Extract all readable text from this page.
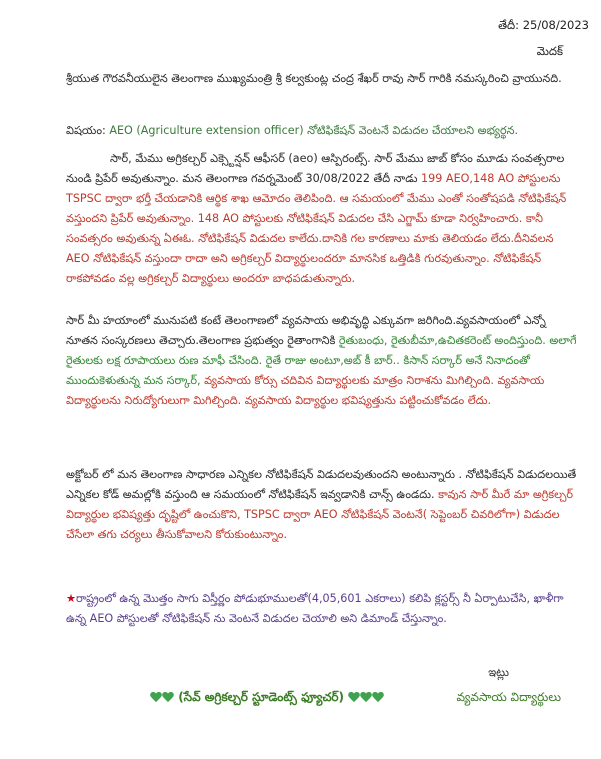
తేదీ: 25/08/2023
మెదక్
శ్రీయుత గౌరవనీయులైన తెలంగాణ ముఖ్యమంత్రి శ్రీ కల్వకుంట్ల చంద్ర శేఖర్ రావు సార్ గారికి నమస్కరించి వ్రాయునది.
విషయం: AEO (Agriculture extension officer) నోటిఫికేషన్ వెంటనే విడుదల చేయాలని అభ్యర్థన.
సార్, మేము అగ్రికల్చర్ ఎక్స్టెన్షన్ ఆఫీసర్ (aeo) ఆస్పిరంట్స్. సార్ మేము జాబ్ కోసం మూడు సంవత్సరాల నుండి ప్రిపేర్ అవుతున్నాం. మన తెలంగాణ గవర్నమెంట్ 30/08/2022 తేదీ నాడు 199 AEO,148 AO పోస్టులను TSPSC ద్వారా భర్తీ చేయడానికి ఆర్థిక శాఖ ఆమోదం తెలిపింది. ఆ సమయంలో మేము ఎంతో సంతోషపడి నోటిఫికేషన్ వస్తుందని ప్రిపేర్ అవుతున్నాం. 148 AO పోస్టులకు నోటిఫికేషన్ విడుదల చేసి ఎగ్జామ్ కూడా నిర్వహించారు. కానీ సంవత్సరం అవుతున్న ఏఈఓ. నోటిఫికేషన్ విడుదల కాలేదు.దానికి గల కారణాలు మాకు తెలియడం లేదు.దీనివలన AEO నోటిఫికేషన్ వస్తుందా రాదా అని అగ్రికల్చర్ విద్యార్థులందరూ మానసిక ఒత్తిడికి గురవుతున్నాం. నోటిఫికేషన్ రాకపోవడం వల్ల అగ్రికల్చర్ విద్యార్థులు అందరూ బాధపడుతున్నారు.
సార్ మీ హయాంలో మునుపటి కంటే తెలంగాణలో వ్యవసాయ అభివృద్ధి ఎక్కువగా జరిగింది.వ్యవసాయంలో ఎన్నో నూతన సంస్కరణలు తెచ్చారు.తెలంగాణ ప్రభుత్వం రైతాంగానికి రైతుబంధు, రైతుబీమా,ఉచితకరెంట్ అందిస్తుంది. అలాగే రైతులకు లక్ష రూపాయలు రుణ మాఫీ చేసింది. రైతే రాజు అంటూ,అబ్ కీ బార్.. కిసాన్ సర్కార్ అనే నినాదంతో ముందుకెళుతున్న మన సర్కార్, వ్యవసాయ కోర్సు చదివిన విద్యార్థులకు మాత్రం నిరాశను మిగిల్చింది. వ్యవసాయ విద్యార్థులను నిరుద్యోగులుగా మిగిల్చింది. వ్యవసాయ విద్యార్థుల భవిష్యత్తును పట్టించుకోవడం లేదు.
అక్టోబర్ లో మన తెలంగాణ సాధారణ ఎన్నికల నోటిఫికేషన్ విడుదలవుతుందని అంటున్నారు . నోటిఫికేషన్ విడుదలయితే ఎన్నికల కోడ్ అమల్లోకి వస్తుంది ఆ సమయంలో నోటిఫికేషన్ ఇవ్వడానికి చాన్స్ ఉండదు. కావున సార్ మీరే మా అగ్రికల్చర్ విద్యార్థుల భవిష్యత్తు దృష్టిలో ఉంచుకొని, TSPSC ద్వారా AEO నోటిఫికేషన్ వెంటనే( సెప్టెంబర్ చివరిలోగా) విడుదల చేసేలా తగు చర్యలు తీసుకోవాలని కోరుకుంటున్నాం.
★రాష్ట్రంలో ఉన్న మొత్తం సాగు విస్తీర్ణం పోడుభూములతో(4,05,601 ఎకరాలు) కలిపి క్లస్టర్స్ నీ ఏర్పాటుచేసి, ఖాళీగా ఉన్న AEO పోస్టులతో నోటిఫికేషన్ ను వెంటనే విడుదల చెయాలి అని డిమాండ్ చేస్తున్నాం.
ఇట్లు
(సేవ్ అగ్రికల్చర్ స్టూడెంట్స్ ఫ్యూచర్)	వ్యవసాయ విద్యార్థులు
